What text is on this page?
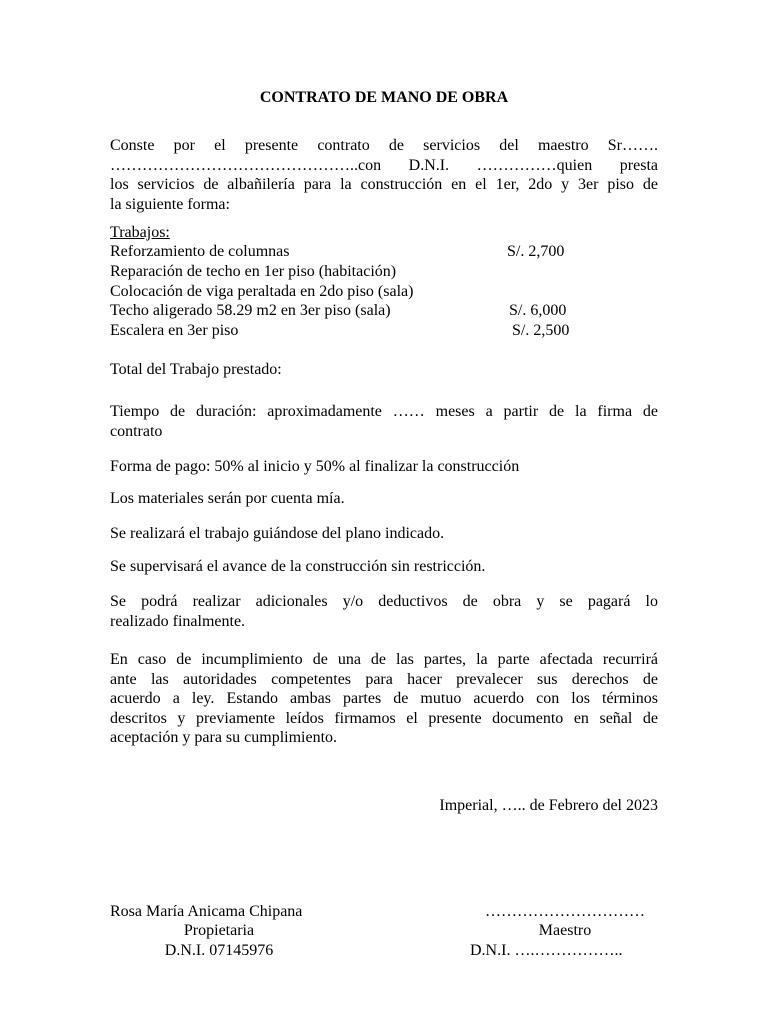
CONTRATO DE MANO DE OBRA
Conste por el presente contrato de servicios del maestro Sr…….
………………………………………..con D.N.I. ……………quien presta
los servicios de albañilería para la construcción en el 1er, 2do y 3er piso de
la siguiente forma:
Trabajos:
Reforzamiento de columnas	S/. 2,700
Reparación de techo en 1er piso (habitación)
Colocación de viga peraltada en 2do piso (sala)
Techo aligerado 58.29 m2 en 3er piso (sala)	S/. 6,000
Escalera en 3er piso	S/. 2,500
Total del Trabajo prestado:
Tiempo de duración: aproximadamente …… meses a partir de la firma de
contrato
Forma de pago: 50% al inicio y 50% al finalizar la construcción
Los materiales serán por cuenta mía.
Se realizará el trabajo guiándose del plano indicado.
Se supervisará el avance de la construcción sin restricción.
Se podrá realizar adicionales y/o deductivos de obra y se pagará lo
realizado finalmente.
En caso de incumplimiento de una de las partes, la parte afectada recurrirá
ante las autoridades competentes para hacer prevalecer sus derechos de
acuerdo a ley. Estando ambas partes de mutuo acuerdo con los términos
descritos y previamente leídos firmamos el presente documento en señal de
aceptación y para su cumplimiento.
Imperial, ….. de Febrero del 2023
Rosa María Anicama Chipana
Propietaria
D.N.I. 07145976
…………………………
Maestro
D.N.I. ….……………..
